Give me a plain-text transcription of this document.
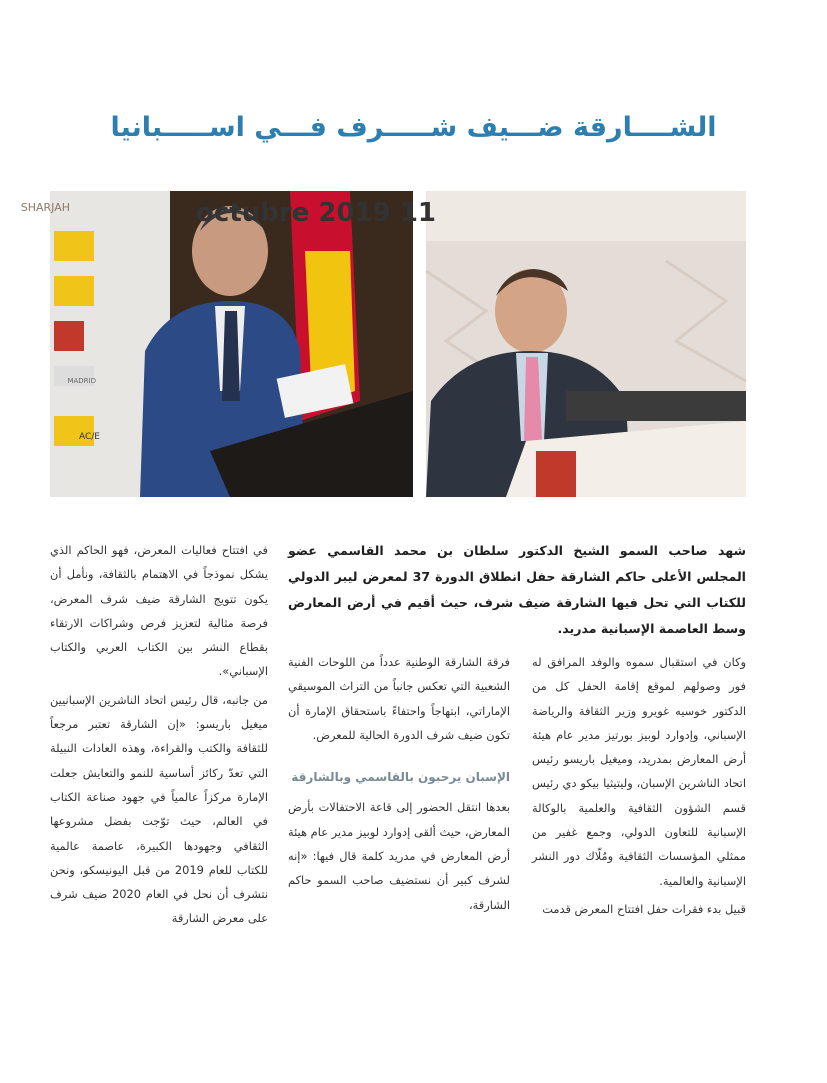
الشــــارقة ضـــيف شـــــرف فـــي اســـــبانيا
SHARJAH
MADRID
AC/E
11 octubre 2019

شهد صاحب السمو الشيخ الدكتور سلطان بن محمد القاسمي عضو المجلس الأعلى حاكم الشارقة حفل انطلاق الدورة 37 لمعرض ليبر الدولي للكتاب التي تحل فيها الشارقة ضيف شرف، حيث أقيم في أرض المعارض وسط العاصمة الإسبانية مدريد.

وكان في استقبال سموه والوفد المرافق له فور وصولهم لموقع إقامة الحفل كل من الدكتور خوسيه غويرو وزير الثقافة والرياضة الإسباني، وإدوارد لوبيز بورتيز مدير عام هيئة أرض المعارض بمدريد، وميغيل باريسو رئيس اتحاد الناشرين الإسبان، وليتيثيا بيكو دي رئيس قسم الشؤون الثقافية والعلمية بالوكالة الإسبانية للتعاون الدولي، وجمع غفير من ممثلي المؤسسات الثقافية ومُلّاك دور النشر الإسبانية والعالمية.

قبيل بدء فقرات حفل افتتاح المعرض قدمت

فرقة الشارقة الوطنية عدداً من اللوحات الفنية الشعبية التي تعكس جانباً من التراث الموسيقي الإماراتي، ابتهاجاً واحتفاءً باستحقاق الإمارة أن تكون ضيف شرف الدورة الحالية للمعرض.

الإسبان يرحبون بالقاسمي وبالشارقة

بعدها انتقل الحضور إلى قاعة الاحتفالات بأرض المعارض، حيث ألقى إدوارد لوبيز مدير عام هيئة أرض المعارض في مدريد كلمة قال فيها: «إنه لشرف كبير أن نستضيف صاحب السمو حاكم الشارقة،

في افتتاح فعاليات المعرض، فهو الحاكم الذي يشكل نموذجاً في الاهتمام بالثقافة، ونأمل أن يكون تتويج الشارقة ضيف شرف المعرض، فرصة مثالية لتعزيز فرص وشراكات الارتقاء بقطاع النشر بين الكتاب العربي والكتاب الإسباني».

من جانبه، قال رئيس اتحاد الناشرين الإسبانيين ميغيل باريسو: «إن الشارقة تعتبر مرجعاً للثقافة والكتب والقراءة، وهذه العادات النبيلة التي تعدّ ركائز أساسية للنمو والتعايش جعلت الإمارة مركزاً عالمياً في جهود صناعة الكتاب في العالم، حيث توّجت بفضل مشروعها الثقافي وجهودها الكبيرة، عاصمة عالمية للكتاب للعام 2019 من قبل اليونيسكو، ونحن نتشرف أن نحل في العام 2020 ضيف شرف على معرض الشارقة
